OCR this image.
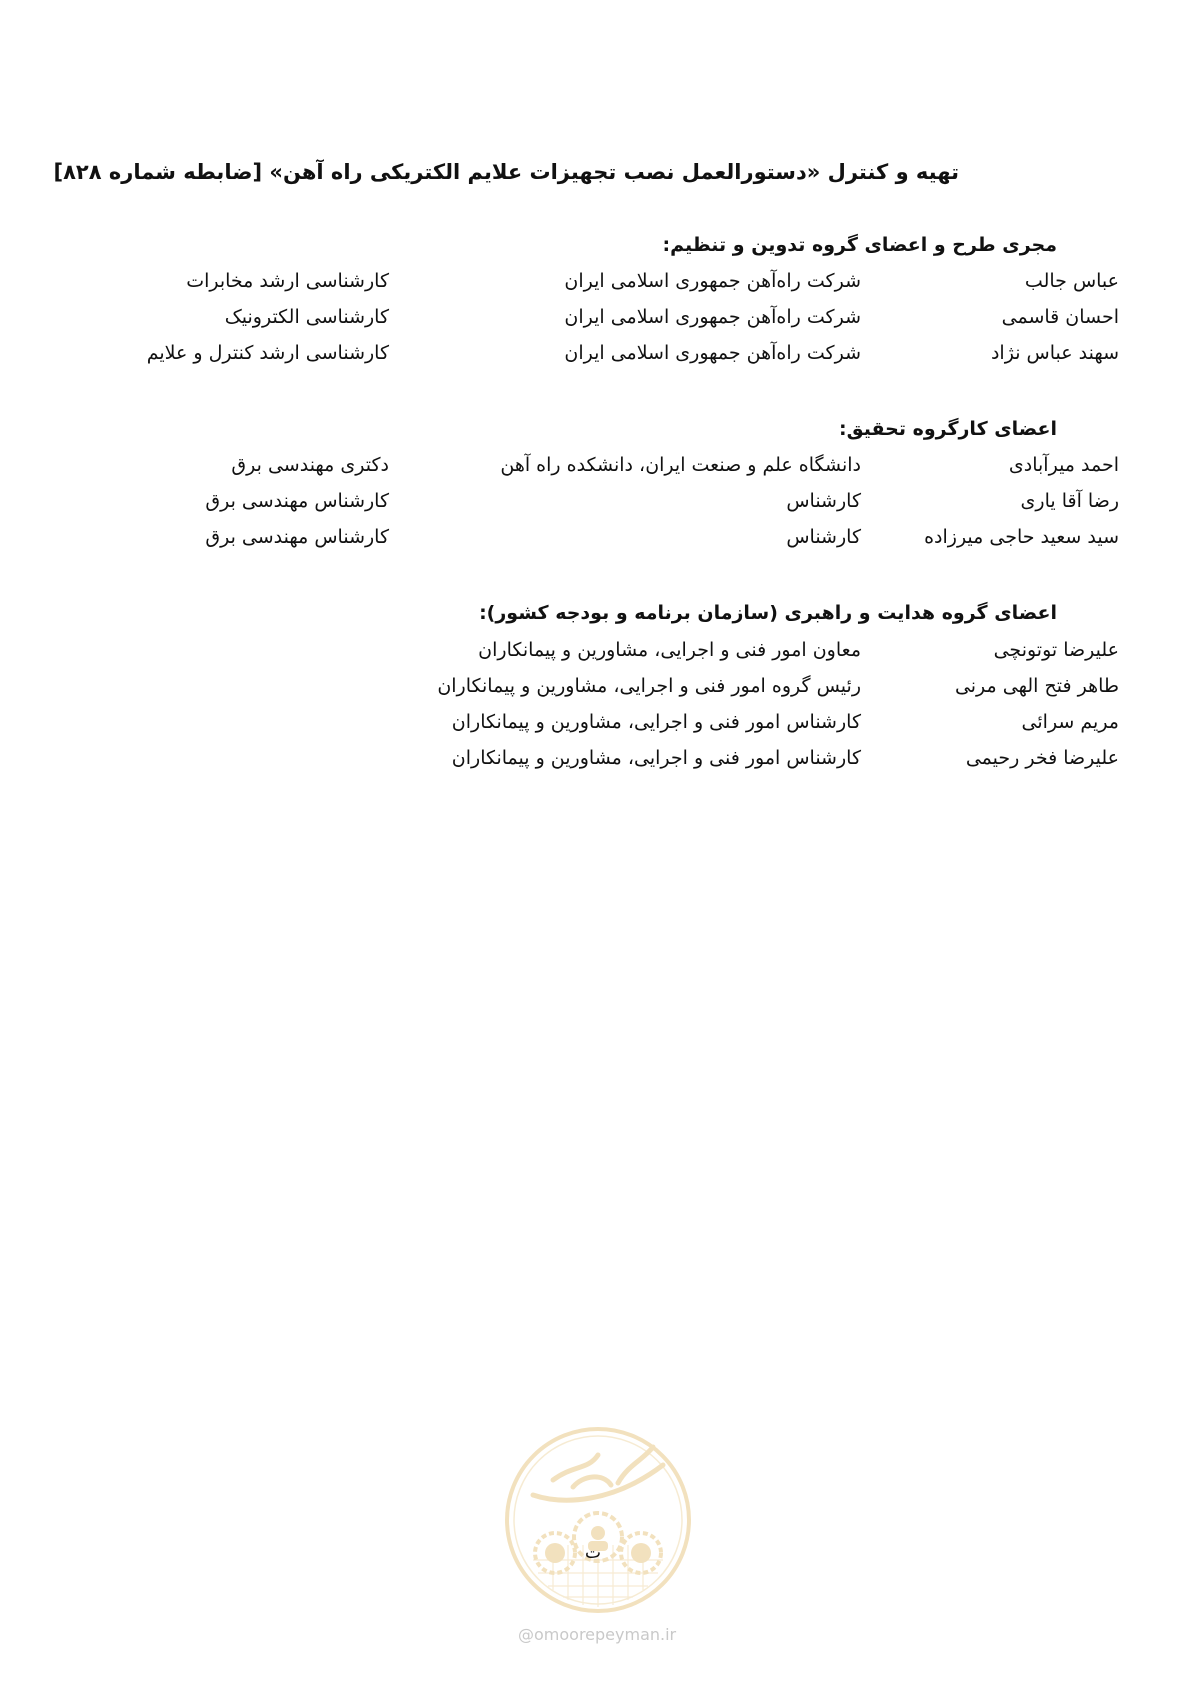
تهیه و کنترل «دستورالعمل نصب تجهیزات علایم الکتریکی راه آهن» [ضابطه شماره ۸۲۸]
مجری طرح و اعضای گروه تدوین و تنظیم:
عباس جالب
شرکت راه‌آهن جمهوری اسلامی ایران
کارشناسی ارشد مخابرات
احسان قاسمی
شرکت راه‌آهن جمهوری اسلامی ایران
کارشناسی الکترونیک
سهند عباس نژاد
شرکت راه‌آهن جمهوری اسلامی ایران
کارشناسی ارشد کنترل و علایم
اعضای کارگروه تحقیق:
احمد میرآبادی
دانشگاه علم و صنعت ایران، دانشکده راه آهن
دکتری مهندسی برق
رضا آقا یاری
کارشناس
کارشناس مهندسی برق
سید سعید حاجی میرزاده
کارشناس
کارشناس مهندسی برق
اعضای گروه هدایت و راهبری (سازمان برنامه و بودجه کشور):
علیرضا توتونچی
معاون امور فنی و اجرایی، مشاورین و پیمانکاران
طاهر فتح الهی مرنی
رئیس گروه امور فنی و اجرایی، مشاورین و پیمانکاران
مریم سرائی
کارشناس امور فنی و اجرایی، مشاورین و پیمانکاران
علیرضا فخر رحیمی
کارشناس امور فنی و اجرایی، مشاورین و پیمانکاران
ت
@omoorepeyman.ir
